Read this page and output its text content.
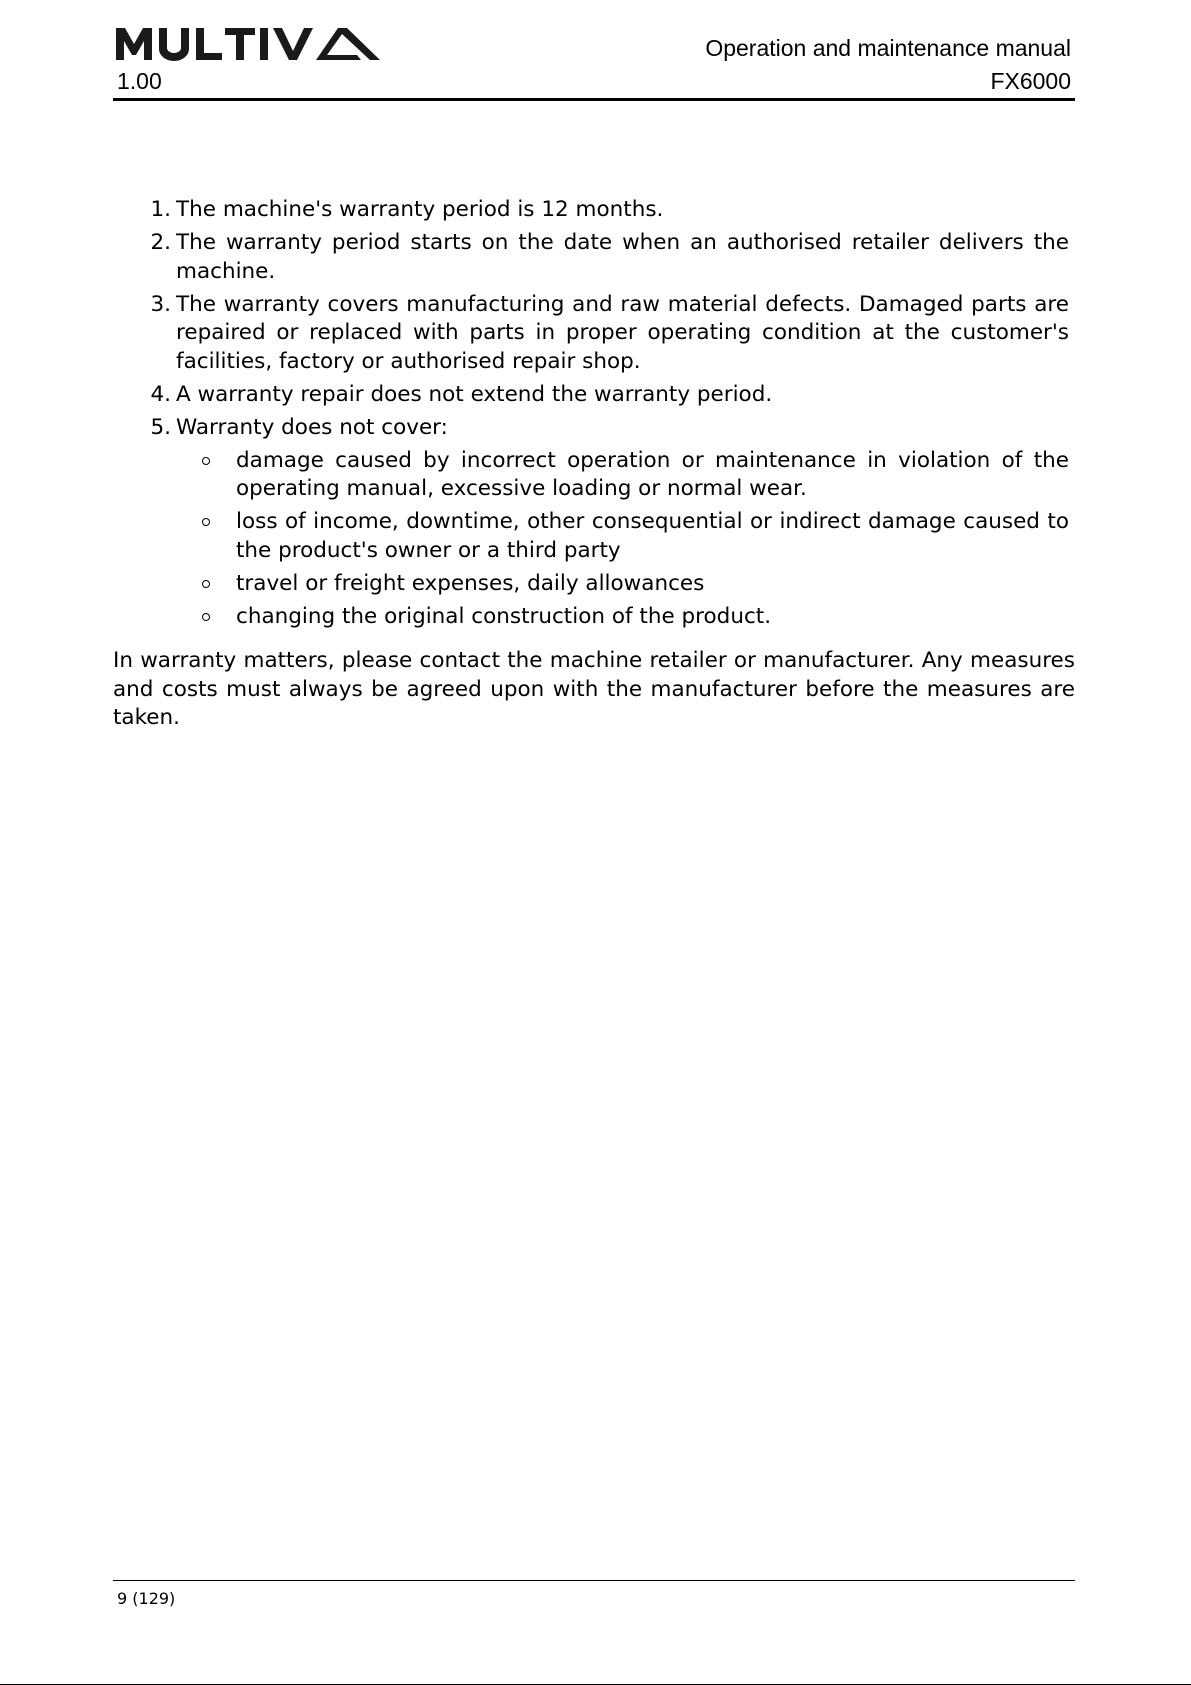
Operation and maintenance manual
1.00	FX6000
1. The machine's warranty period is 12 months.
2. The warranty period starts on the date when an authorised retailer delivers the machine.
3. The warranty covers manufacturing and raw material defects. Damaged parts are repaired or replaced with parts in proper operating condition at the customer's facilities, factory or authorised repair shop.
4. A warranty repair does not extend the warranty period.
5. Warranty does not cover:
damage caused by incorrect operation or maintenance in violation of the operating manual, excessive loading or normal wear.
loss of income, downtime, other consequential or indirect damage caused to the product's owner or a third party
travel or freight expenses, daily allowances
changing the original construction of the product.

In warranty matters, please contact the machine retailer or manufacturer. Any measures and costs must always be agreed upon with the manufacturer before the measures are taken.

9 (129)
